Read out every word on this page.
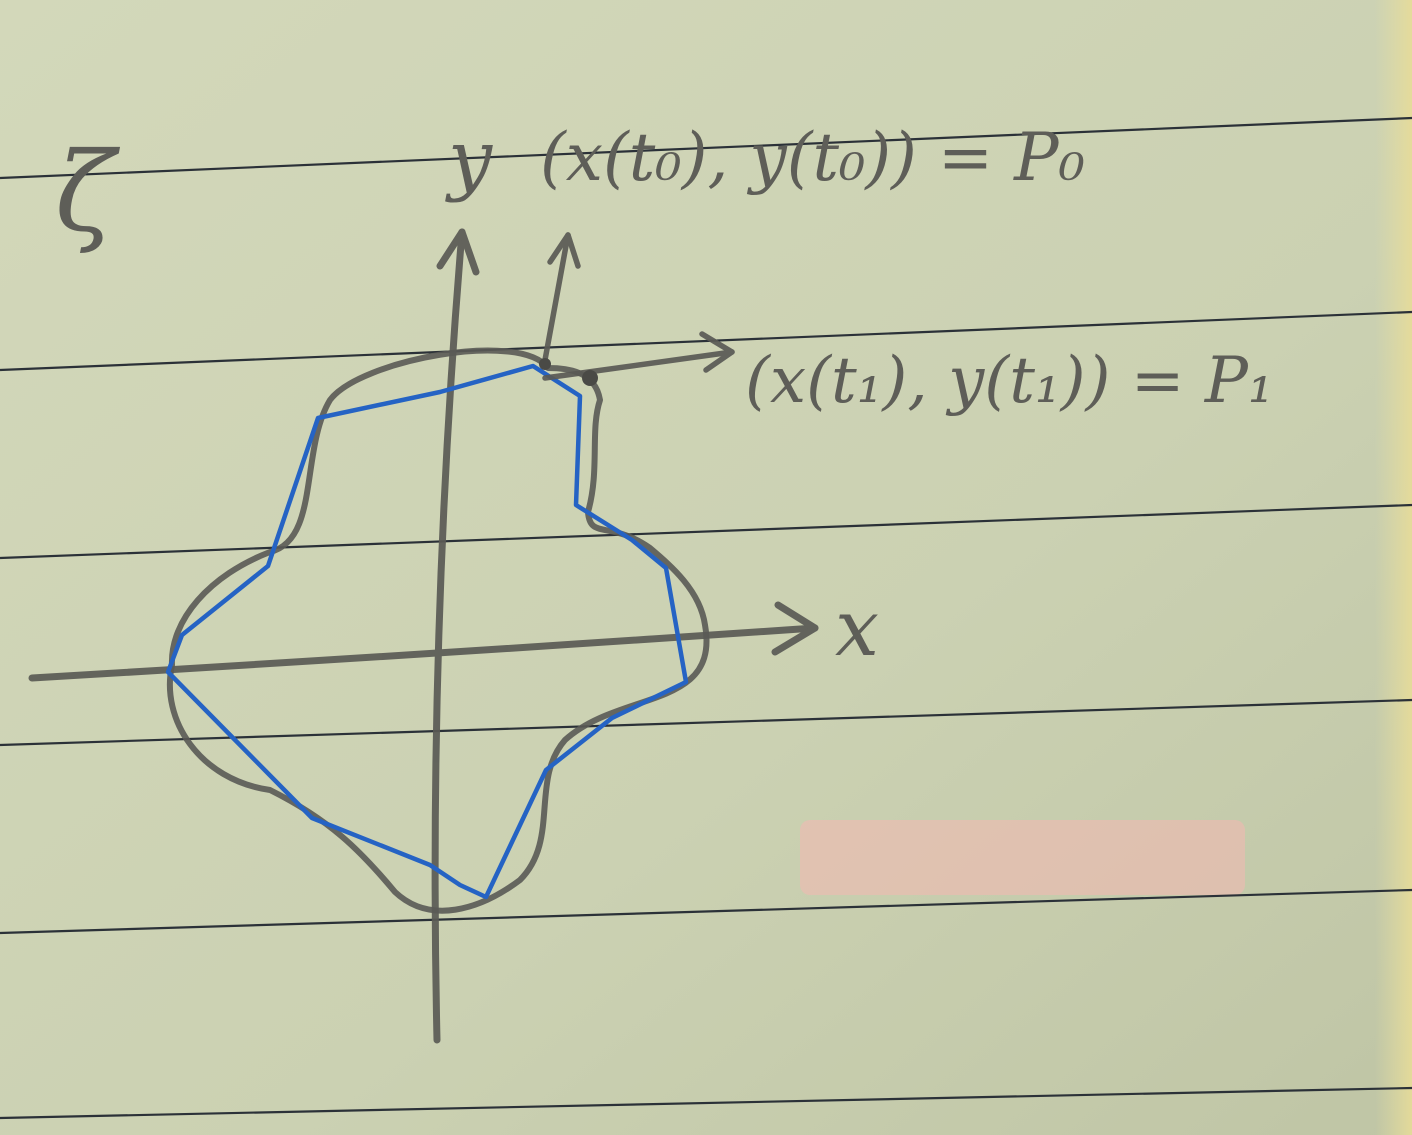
ζ	y
x
(x(t₀), y(t₀)) = P₀
(x(t₁), y(t₁)) = P₁
